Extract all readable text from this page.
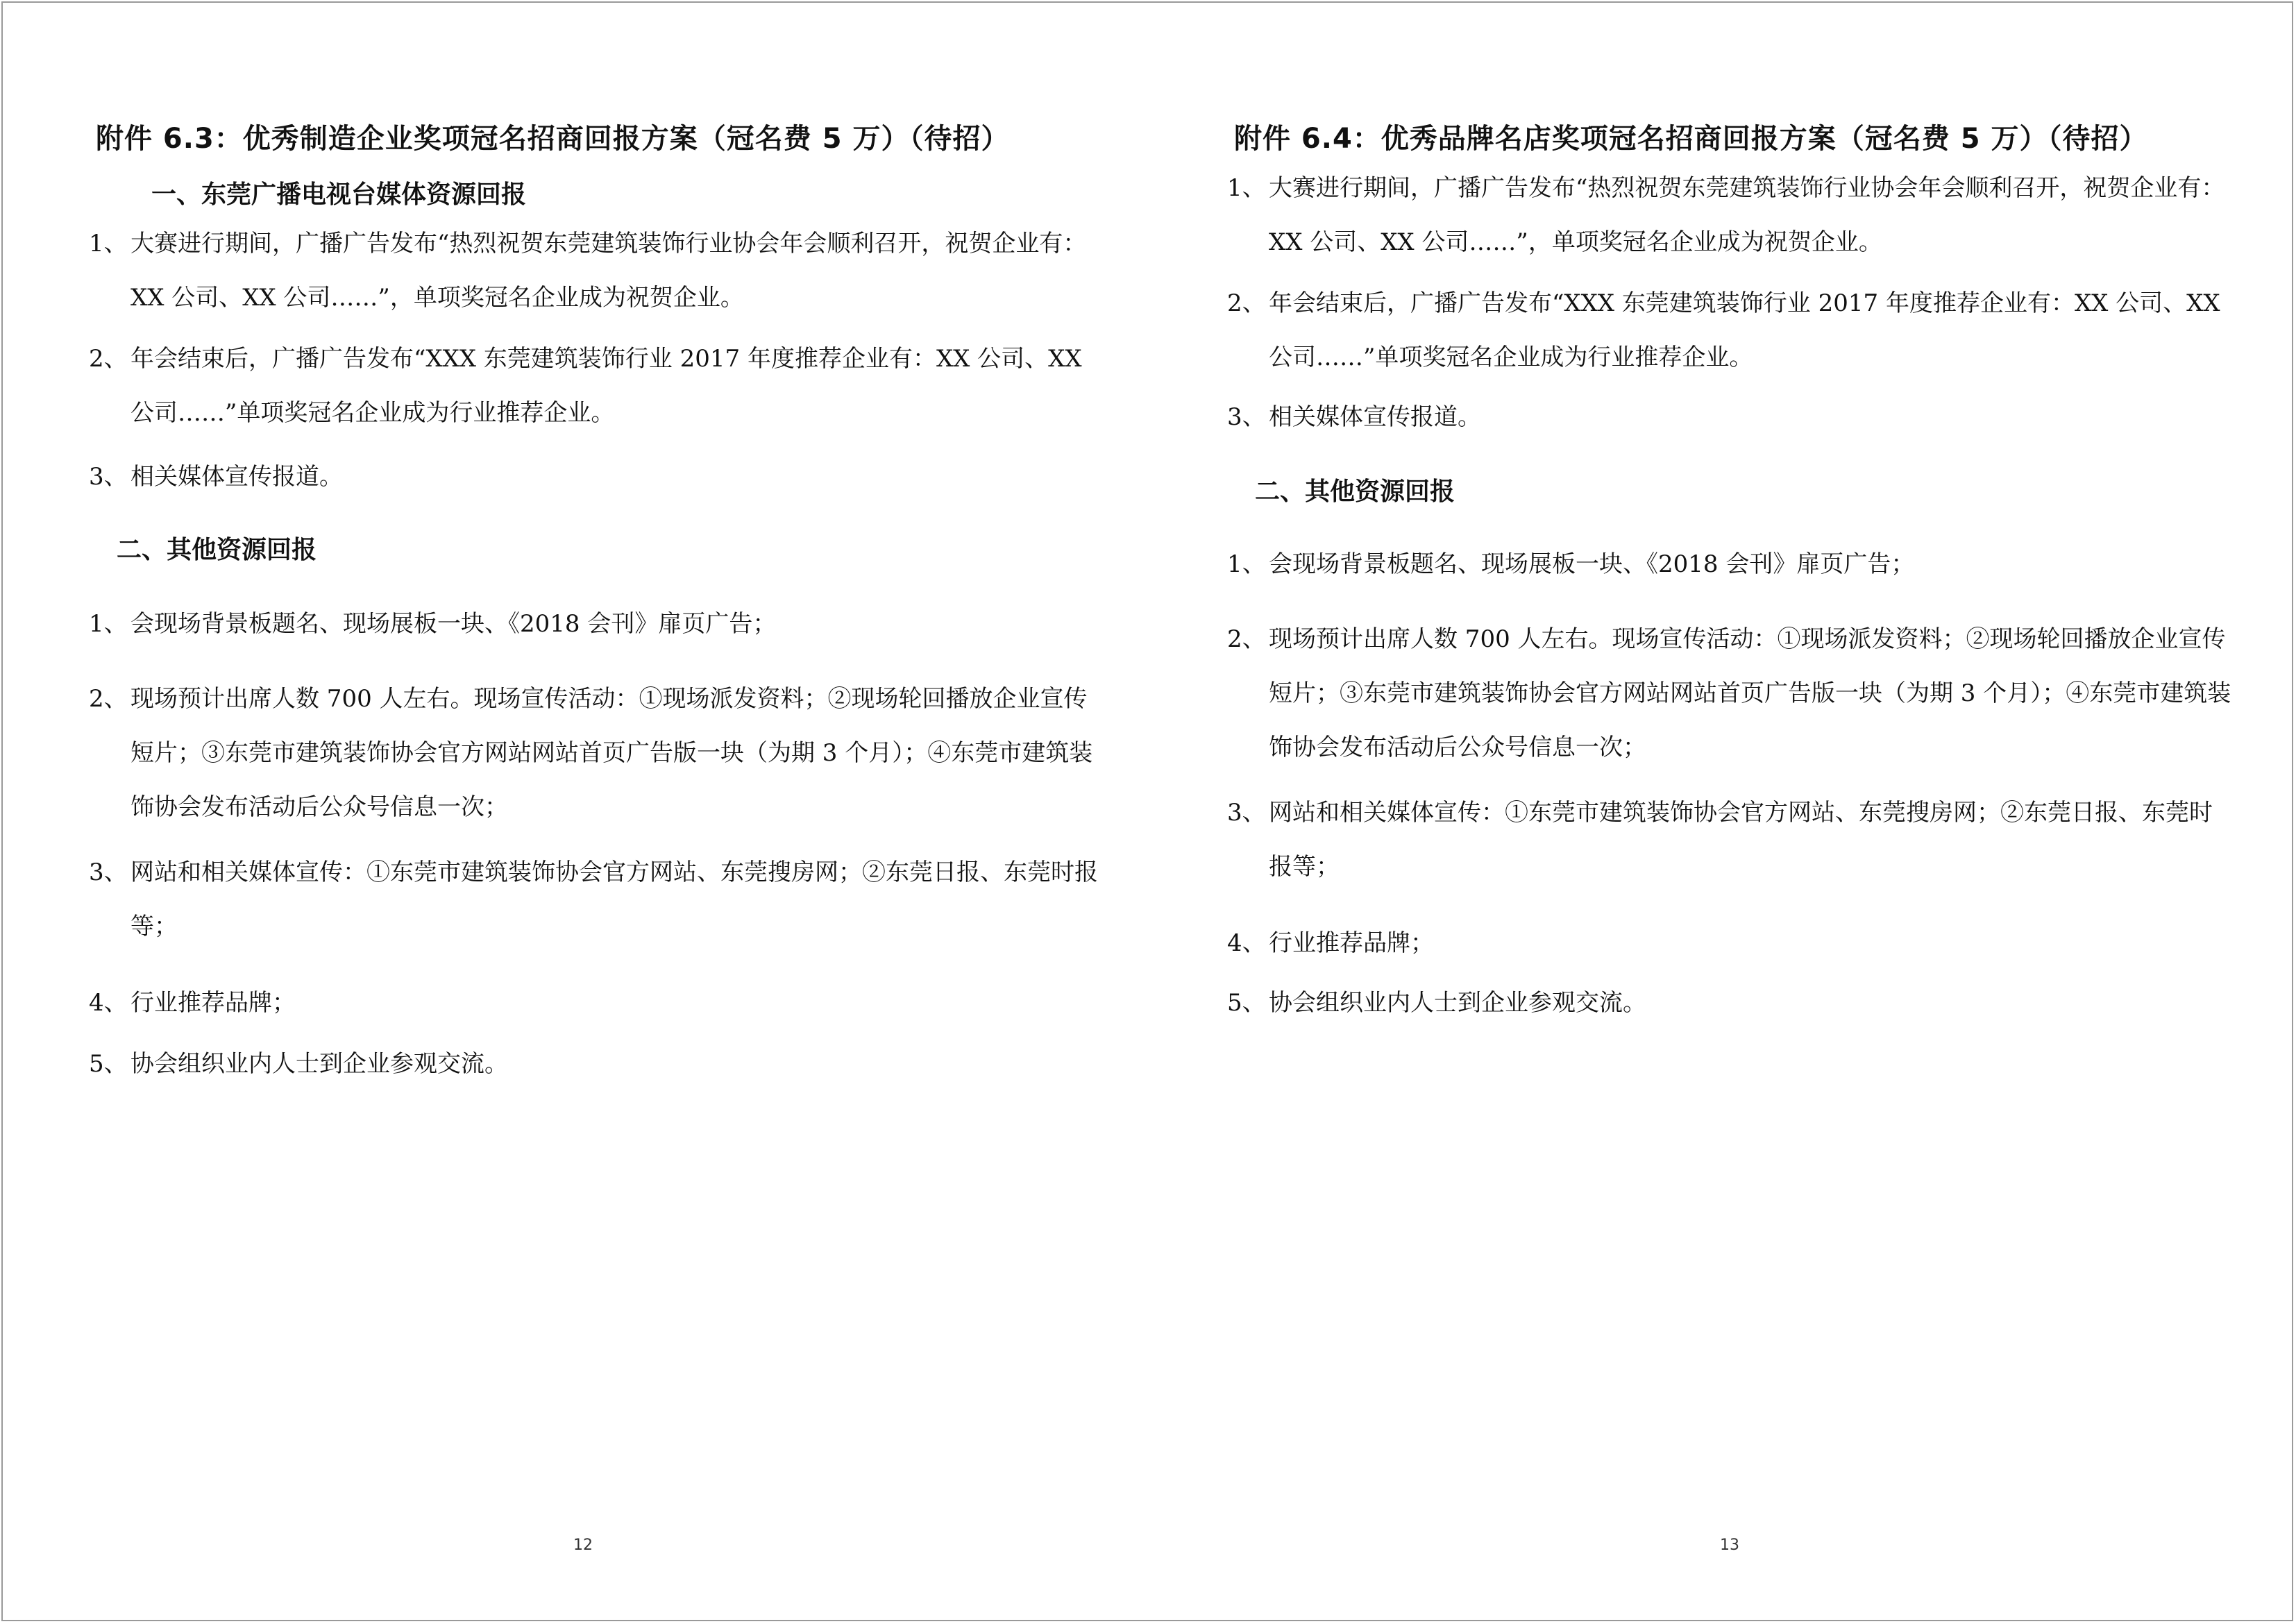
附件 6.3：优秀制造企业奖项冠名招商回报方案（冠名费 5 万）（待招）
一、东莞广播电视台媒体资源回报
1、 大赛进行期间，广播广告发布“热烈祝贺东莞建筑装饰行业协会年会顺利召开，祝贺企业有：XX 公司、XX 公司……”，单项奖冠名企业成为祝贺企业。
2、 年会结束后，广播广告发布“XXX 东莞建筑装饰行业 2017 年度推荐企业有：XX 公司、XX 公司……”单项奖冠名企业成为行业推荐企业。
3、 相关媒体宣传报道。
二、其他资源回报
1、 会现场背景板题名、现场展板一块、《2018 会刊》扉页广告；
2、 现场预计出席人数 700 人左右。现场宣传活动：①现场派发资料；②现场轮回播放企业宣传短片；③东莞市建筑装饰协会官方网站网站首页广告版一块（为期 3 个月）；④东莞市建筑装饰协会发布活动后公众号信息一次；
3、 网站和相关媒体宣传：①东莞市建筑装饰协会官方网站、东莞搜房网；②东莞日报、东莞时报等；
4、 行业推荐品牌；
5、 协会组织业内人士到企业参观交流。
12
附件 6.4：优秀品牌名店奖项冠名招商回报方案（冠名费 5 万）（待招）
1、 大赛进行期间，广播广告发布“热烈祝贺东莞建筑装饰行业协会年会顺利召开，祝贺企业有：XX 公司、XX 公司……”，单项奖冠名企业成为祝贺企业。
2、 年会结束后，广播广告发布“XXX 东莞建筑装饰行业 2017 年度推荐企业有：XX 公司、XX 公司……”单项奖冠名企业成为行业推荐企业。
3、 相关媒体宣传报道。
二、其他资源回报
1、 会现场背景板题名、现场展板一块、《2018 会刊》扉页广告；
2、 现场预计出席人数 700 人左右。现场宣传活动：①现场派发资料；②现场轮回播放企业宣传短片；③东莞市建筑装饰协会官方网站网站首页广告版一块（为期 3 个月）；④东莞市建筑装饰协会发布活动后公众号信息一次；
3、 网站和相关媒体宣传：①东莞市建筑装饰协会官方网站、东莞搜房网；②东莞日报、东莞时报等；
4、 行业推荐品牌；
5、 协会组织业内人士到企业参观交流。
13
